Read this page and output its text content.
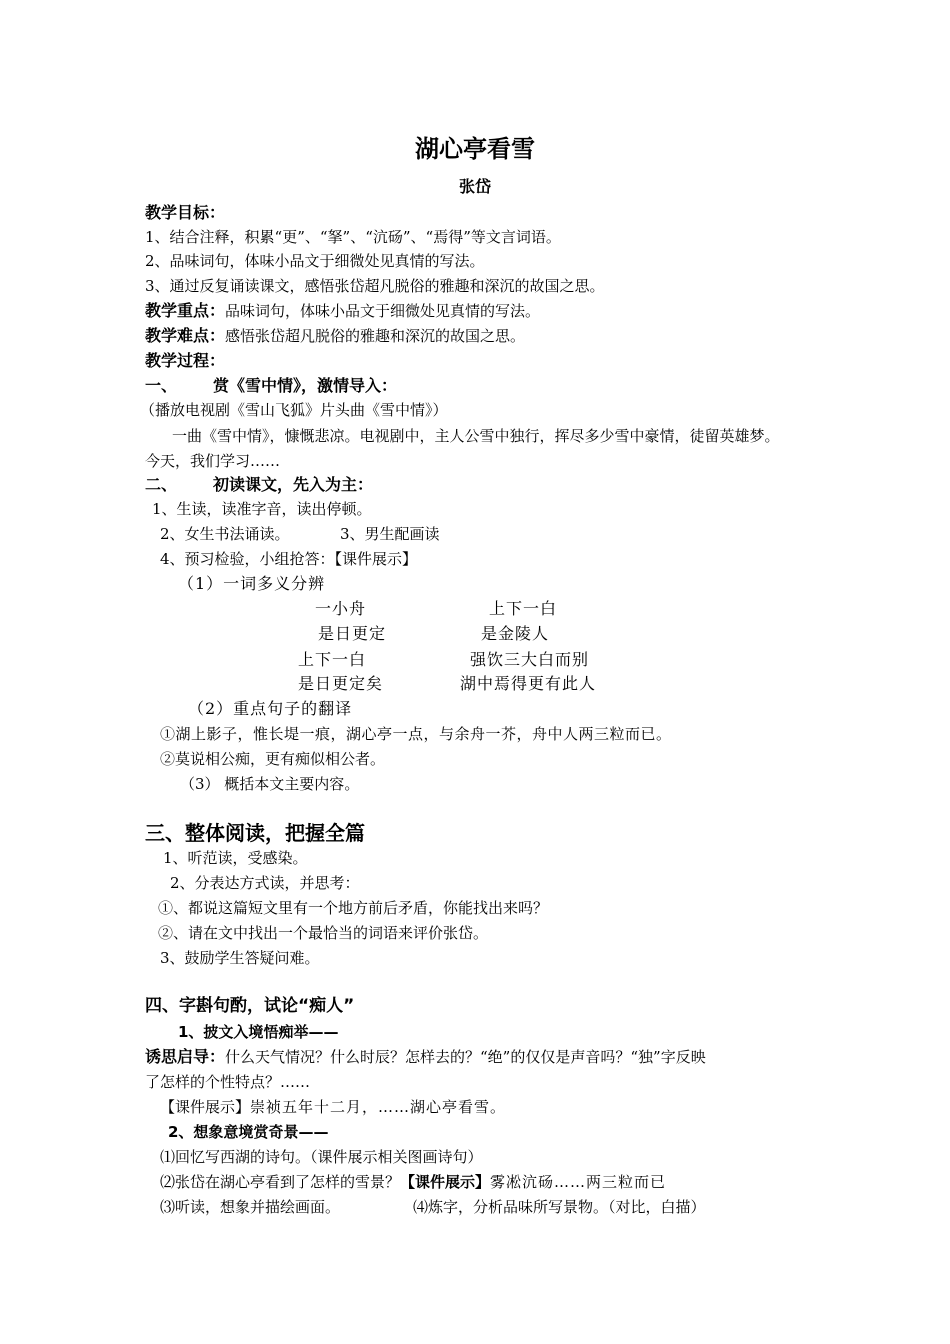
湖心亭看雪
张岱
教学目标：
1、结合注释，积累“更”、“拏”、“沆砀”、“焉得”等文言词语。
2、品味词句，体味小品文于细微处见真情的写法。
3、通过反复诵读课文，感悟张岱超凡脱俗的雅趣和深沉的故国之思。
教学重点：品味词句，体味小品文于细微处见真情的写法。
教学难点：感悟张岱超凡脱俗的雅趣和深沉的故国之思。
教学过程：
一、 赏《雪中情》，激情导入：
（播放电视剧《雪山飞狐》片头曲《雪中情》）
一曲《雪中情》，慷慨悲凉。电视剧中，主人公雪中独行，挥尽多少雪中豪情，徒留英雄梦。
今天，我们学习……
二、 初读课文，先入为主：
1、生读，读准字音，读出停顿。
2、女生书法诵读。	3、男生配画读
4、预习检验，小组抢答：【课件展示】
（1）一词多义分辨
一小舟	上下一白
是日更定	是金陵人
上下一白	强饮三大白而别
是日更定矣	湖中焉得更有此人
（2）重点句子的翻译
①湖上影子，惟长堤一痕，湖心亭一点，与余舟一芥，舟中人两三粒而已。
②莫说相公痴，更有痴似相公者。
（3） 概括本文主要内容。
三、整体阅读，把握全篇
1、听范读，受感染。
2、分表达方式读，并思考：
①、都说这篇短文里有一个地方前后矛盾，你能找出来吗？
②、请在文中找出一个最恰当的词语来评价张岱。
3、鼓励学生答疑问难。
四、字斟句酌，试论“痴人”
1、披文入境悟痴举——
诱思启导：什么天气情况？什么时辰？怎样去的？“绝”的仅仅是声音吗？“独”字反映
了怎样的个性特点？……
【课件展示】崇祯五年十二月，……湖心亭看雪。
2、想象意境赏奇景——
⑴回忆写西湖的诗句。（课件展示相关图画诗句）
⑵张岱在湖心亭看到了怎样的雪景？【课件展示】雾凇沆砀……两三粒而已
⑶听读，想象并描绘画面。	⑷炼字，分析品味所写景物。（对比，白描）
